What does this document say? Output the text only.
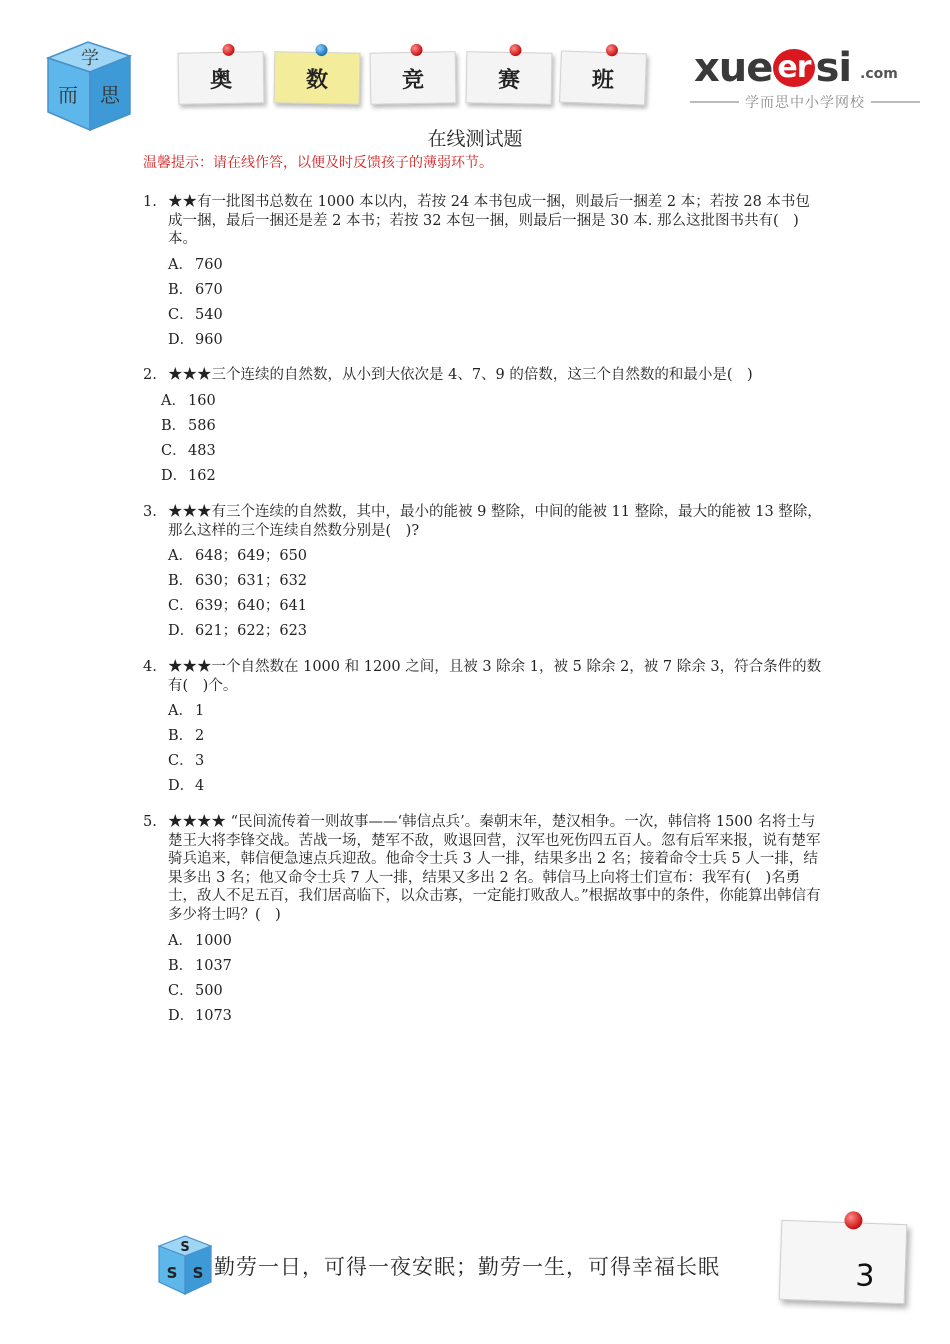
学
而 思
奥	数	竞	赛	班 xue er si .com
学而思中小学网校
在线测试题
温馨提示：请在线作答，以便及时反馈孩子的薄弱环节。
1. ★★有一批图书总数在 1000 本以内，若按 24 本书包成一捆，则最后一捆差 2 本；若按 28 本书包成一捆，最后一捆还是差 2 本书；若按 32 本包一捆，则最后一捆是 30 本. 那么这批图书共有(　)本。
A． 760
B． 670
C．540
D．960
2. ★★★三个连续的自然数，从小到大依次是 4、7、9 的倍数，这三个自然数的和最小是(　)
A． 160
B． 586
C．483
D．162
3. ★★★有三个连续的自然数，其中，最小的能被 9 整除，中间的能被 11 整除，最大的能被 13 整除，那么这样的三个连续自然数分别是(　)?
A． 648；649；650
B． 630；631；632
C．639；640；641
D．621；622；623
4. ★★★一个自然数在 1000 和 1200 之间，且被 3 除余 1，被 5 除余 2，被 7 除余 3，符合条件的数有(　)个。
A． 1
B． 2
C．3
D．4
5. ★★★★ “民间流传着一则故事——‘韩信点兵’。秦朝末年，楚汉相争。一次，韩信将 1500 名将士与楚王大将李锋交战。苦战一场，楚军不敌，败退回营，汉军也死伤四五百人。忽有后军来报，说有楚军骑兵追来，韩信便急速点兵迎敌。他命令士兵 3 人一排，结果多出 2 名；接着命令士兵 5 人一排，结果多出 3 名；他又命令士兵 7 人一排，结果又多出 2 名。韩信马上向将士们宣布：我军有(　)名勇士，敌人不足五百，我们居高临下，以众击寡，一定能打败敌人。”根据故事中的条件，你能算出韩信有多少将士吗？(　)
A． 1000
B． 1037
C．500
D．1073
S
S S 勤劳一日，可得一夜安眠；勤劳一生，可得幸福长眠	3
